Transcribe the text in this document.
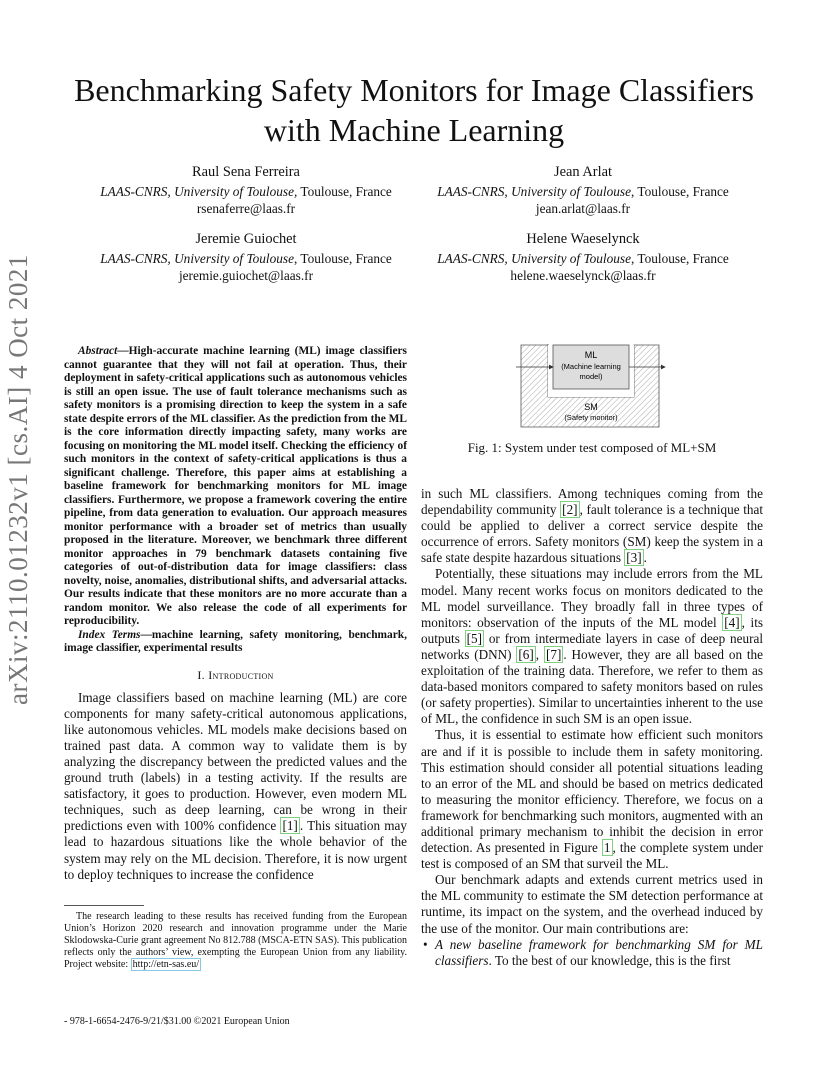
arXiv:2110.01232v1 [cs.AI] 4 Oct 2021
Benchmarking Safety Monitors for Image Classifiers with Machine Learning
Raul Sena Ferreira
LAAS-CNRS, University of Toulouse, Toulouse, France
rsenaferre@laas.fr
Jean Arlat
LAAS-CNRS, University of Toulouse, Toulouse, France
jean.arlat@laas.fr
Jeremie Guiochet
LAAS-CNRS, University of Toulouse, Toulouse, France
jeremie.guiochet@laas.fr
Helene Waeselynck
LAAS-CNRS, University of Toulouse, Toulouse, France
helene.waeselynck@laas.fr

Abstract—High-accurate machine learning (ML) image classifiers cannot guarantee that they will not fail at operation. Thus, their deployment in safety-critical applications such as autonomous vehicles is still an open issue. The use of fault tolerance mechanisms such as safety monitors is a promising direction to keep the system in a safe state despite errors of the ML classifier. As the prediction from the ML is the core information directly impacting safety, many works are focusing on monitoring the ML model itself. Checking the efficiency of such monitors in the context of safety-critical applications is thus a significant challenge. Therefore, this paper aims at establishing a baseline framework for benchmarking monitors for ML image classifiers. Furthermore, we propose a framework covering the entire pipeline, from data generation to evaluation. Our approach measures monitor performance with a broader set of metrics than usually proposed in the literature. Moreover, we benchmark three different monitor approaches in 79 benchmark datasets containing five categories of out-of-distribution data for image classifiers: class novelty, noise, anomalies, distributional shifts, and adversarial attacks. Our results indicate that these monitors are no more accurate than a random monitor. We also release the code of all experiments for reproducibility.

Index Terms—machine learning, safety monitoring, benchmark, image classifier, experimental results

I. Introduction

Image classifiers based on machine learning (ML) are core components for many safety-critical autonomous applications, like autonomous vehicles. ML models make decisions based on trained past data. A common way to validate them is by analyzing the discrepancy between the predicted values and the ground truth (labels) in a testing activity. If the results are satisfactory, it goes to production. However, even modern ML techniques, such as deep learning, can be wrong in their predictions even with 100% confidence [1] . This situation may lead to hazardous situations like the whole behavior of the system may rely on the ML decision. Therefore, it is now urgent to deploy techniques to increase the confidence

The research leading to these results has received funding from the European Union’s Horizon 2020 research and innovation programme under the Marie Sklodowska-Curie grant agreement No 812.788 (MSCA-ETN SAS). This publication reflects only the authors’ view, exempting the European Union from any liability. Project website: http://etn-sas.eu/
- 978-1-6654-2476-9/21/$31.00 ©2021 European Union
ML
(Machine learning
model)
SM
(Safety monitor)
Fig. 1: System under test composed of ML+SM

in such ML classifiers. Among techniques coming from the dependability community [2] , fault tolerance is a technique that could be applied to deliver a correct service despite the occurrence of errors. Safety monitors (SM) keep the system in a safe state despite hazardous situations [3] .

Potentially, these situations may include errors from the ML model. Many recent works focus on monitors dedicated to the ML model surveillance. They broadly fall in three types of monitors: observation of the inputs of the ML model [4] , its outputs [5] or from intermediate layers in case of deep neural networks (DNN) [6] , [7] . However, they are all based on the exploitation of the training data. Therefore, we refer to them as data-based monitors compared to safety monitors based on rules (or safety properties). Similar to uncertainties inherent to the use of ML, the confidence in such SM is an open issue.

Thus, it is essential to estimate how efficient such monitors are and if it is possible to include them in safety monitoring. This estimation should consider all potential situations leading to an error of the ML and should be based on metrics dedicated to measuring the monitor efficiency. Therefore, we focus on a framework for benchmarking such monitors, augmented with an additional primary mechanism to inhibit the decision in error detection. As presented in Figure 1 , the complete system under test is composed of an SM that surveil the ML.

Our benchmark adapts and extends current metrics used in the ML community to estimate the SM detection performance at runtime, its impact on the system, and the overhead induced by the use of the monitor. Our main contributions are:

• A new baseline framework for benchmarking SM for ML classifiers. To the best of our knowledge, this is the first
